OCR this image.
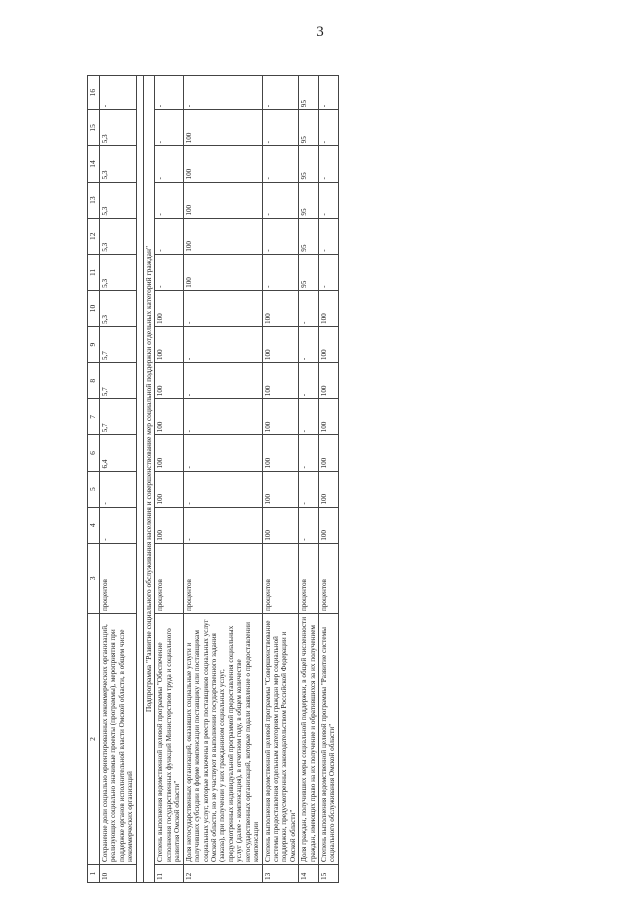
3
1	2	3	4	5	6	7	8	9	10	11	12	13	14	15	16
10	Сохранение доли социально ориентированных некоммерческих организаций, реализующих социально значимые проекты (программы), мероприятия при поддержке органов исполнительной власти Омской области, в общем числе некоммерческих организаций	процентов	-	-	6,4	5,7	5,7	5,7	5,3	5,3	5,3	5,3	5,3	5,3	-

Подпрограмма "Развитие социального обслуживания населения и совершенствование мер социальной поддержки отдельных категорий граждан"															
11	Степень выполнения ведомственной целевой программы "Обеспечение исполнения государственных функций Министерством труда и социального развития Омской области"	процентов	100	100	100	100	100	100	100	-	-	-	-	-	-
12	Доля негосударственных организаций, оказавших социальные услуги и получивших субсидии в форме компенсации поставщику или поставщикам социальных услуг, которые включены в реестр поставщиков социальных услуг Омской области, но не участвуют в выполнении государственного задания (заказа), при получении у них гражданином социальных услуг, предусмотренных индивидуальной программой предоставления социальных услуг (далее - компенсация), в отчетном году, в общем количестве негосударственных организаций, которые подали заявление о предоставлении компенсации	процентов	-	-	-	-	-	-	-	100	100	100	100	100	-
13	Степень выполнения ведомственной целевой программы "Совершенствование системы предоставления отдельным категориям граждан мер социальной поддержки, предусмотренных законодательством Российской Федерации и Омской области"	процентов	100	100	100	100	100	100	100	-	-	-	-	-	-
14	Доля граждан, получивших меры социальной поддержки, в общей численности граждан, имеющих право на их получение и обратившихся за их получением	процентов	-	-	-	-	-	-	-	95	95	95	95	95	95
15	Степень выполнения ведомственной целевой программы "Развитие системы социального обслуживания Омской области"	процентов	100	100	100	100	100	100	100	-	-	-	-	-	-
